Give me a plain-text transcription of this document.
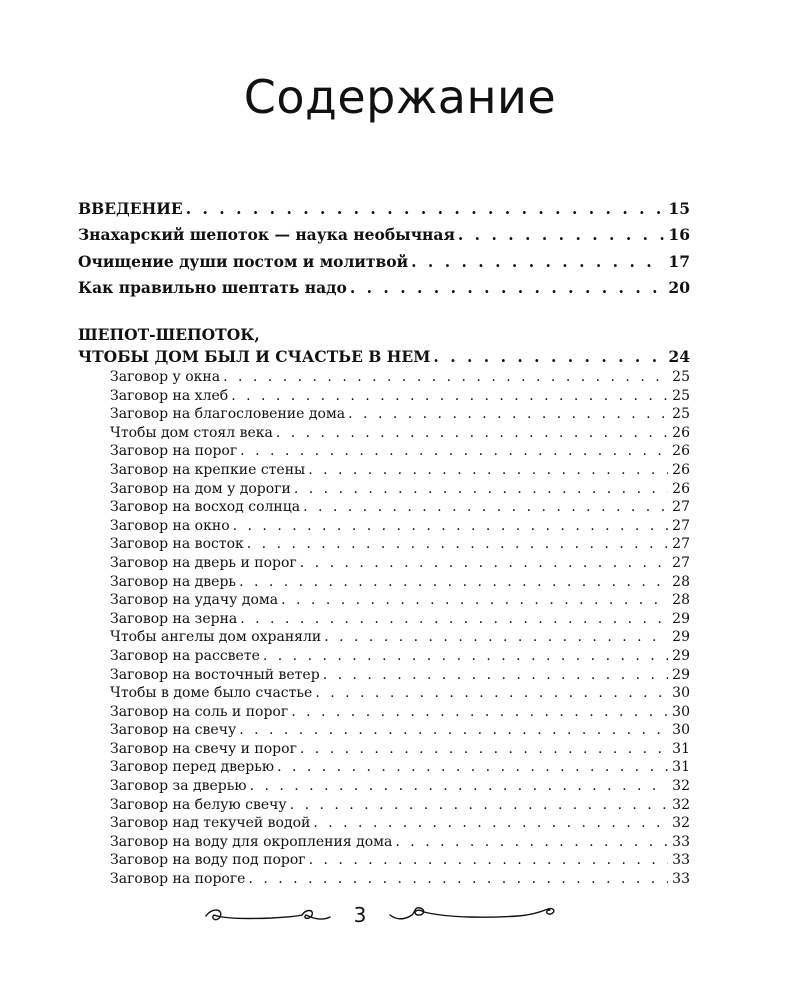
Содержание
ВВЕДЕНИЕ . . .	15
Знахарский шепоток — наука необычная . . .	16
Очищение души постом и молитвой . . .	17
Как правильно шептать надо . . .	20
ШЕПОТ-ШЕПОТОК,
ЧТОБЫ ДОМ БЫЛ И СЧАСТЬЕ В НЕМ . . .	24
Заговор у окна . . .	25
Заговор на хлеб . . .	25
Заговор на благословение дома . . .	25
Чтобы дом стоял века . . .	26
Заговор на порог . . .	26
Заговор на крепкие стены . . .	26
Заговор на дом у дороги . . .	26
Заговор на восход солнца . . .	27
Заговор на окно . . .	27
Заговор на восток . . .	27
Заговор на дверь и порог . . .	27
Заговор на дверь . . .	28
Заговор на удачу дома . . .	28
Заговор на зерна . . .	29
Чтобы ангелы дом охраняли . . .	29
Заговор на рассвете . . .	29
Заговор на восточный ветер . . .	29
Чтобы в доме было счастье . . .	30
Заговор на соль и порог . . .	30
Заговор на свечу . . .	30
Заговор на свечу и порог . . .	31
Заговор перед дверью . . .	31
Заговор за дверью . . .	32
Заговор на белую свечу . . .	32
Заговор над текучей водой . . .	32
Заговор на воду для окропления дома . . .	33
Заговор на воду под порог . . .	33
Заговор на пороге . . .	33
3
